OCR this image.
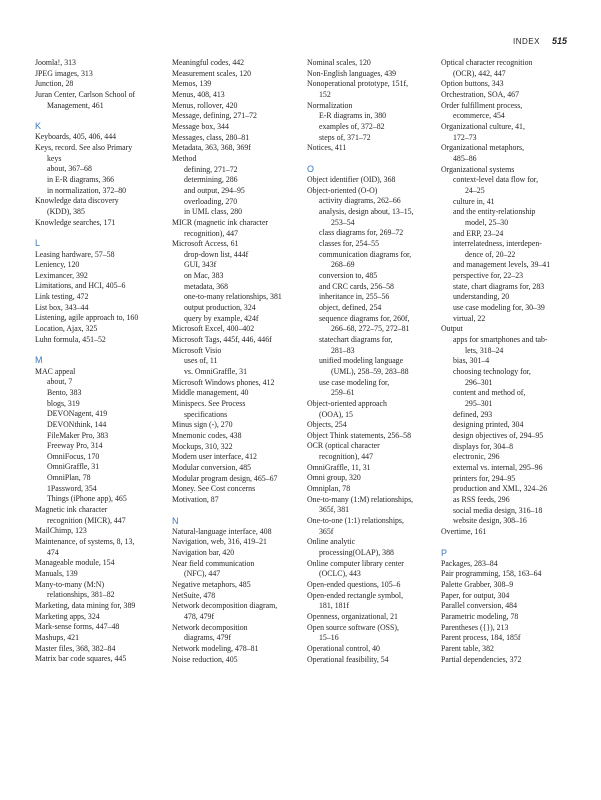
INDEX 515
Joomla!, 313
JPEG images, 313
Junction, 28
Juran Center, Carlson School of
Management, 461
K
Keyboards, 405, 406, 444
Keys, record. See also Primary
keys
about, 367–68
in E-R diagrams, 366
in normalization, 372–80
Knowledge data discovery
(KDD), 385
Knowledge searches, 171
L
Leasing hardware, 57–58
Leniency, 120
Leximancer, 392
Limitations, and HCI, 405–6
Link testing, 472
List box, 343–44
Listening, agile approach to, 160
Location, Ajax, 325
Luhn formula, 451–52
M
MAC appeal
about, 7
Bento, 383
blogs, 319
DEVONagent, 419
DEVONthink, 144
FileMaker Pro, 383
Freeway Pro, 314
OmniFocus, 170
OmniGraffle, 31
OmniPlan, 78
1Password, 354
Things (iPhone app), 465
Magnetic ink character
recognition (MICR), 447
MailChimp, 123
Maintenance, of systems, 8, 13,
474
Manageable module, 154
Manuals, 139
Many-to-many (M:N)
relationships, 381–82
Marketing, data mining for, 389
Marketing apps, 324
Mark-sense forms, 447–48
Mashups, 421
Master files, 368, 382–84
Matrix bar code squares, 445
Meaningful codes, 442
Measurement scales, 120
Memos, 139
Menus, 408, 413
Menus, rollover, 420
Message, defining, 271–72
Message box, 344
Messages, class, 280–81
Metadata, 363, 368, 369f
Method
defining, 271–72
determining, 286
and output, 294–95
overloading, 270
in UML class, 280
MICR (magnetic ink character
recognition), 447
Microsoft Access, 61
drop-down list, 444f
GUI, 343f
on Mac, 383
metadata, 368
one-to-many relationships, 381
output production, 324
query by example, 424f
Microsoft Excel, 400–402
Microsoft Tags, 445f, 446, 446f
Microsoft Visio
uses of, 11
vs. OmniGraffle, 31
Microsoft Windows phones, 412
Middle management, 40
Minispecs. See Process
specifications
Minus sign (-), 270
Mnemonic codes, 438
Mockups, 310, 322
Modern user interface, 412
Modular conversion, 485
Modular program design, 465–67
Money. See Cost concerns
Motivation, 87
N
Natural-language interface, 408
Navigation, web, 316, 419–21
Navigation bar, 420
Near field communication
(NFC), 447
Negative metaphors, 485
NetSuite, 478
Network decomposition diagram,
478, 479f
Network decomposition
diagrams, 479f
Network modeling, 478–81
Noise reduction, 405
Nominal scales, 120
Non-English languages, 439
Nonoperational prototype, 151f,
152
Normalization
E-R diagrams in, 380
examples of, 372–82
steps of, 371–72
Notices, 411
O
Object identifier (OID), 368
Object-oriented (O-O)
activity diagrams, 262–66
analysis, design about, 13–15,
253–54
class diagrams for, 269–72
classes for, 254–55
communication diagrams for,
268–69
conversion to, 485
and CRC cards, 256–58
inheritance in, 255–56
object, defined, 254
sequence diagrams for, 260f,
266–68, 272–75, 272–81
statechart diagrams for,
281–83
unified modeling language
(UML), 258–59, 283–88
use case modeling for,
259–61
Object-oriented approach
(OOA), 15
Objects, 254
Object Think statements, 256–58
OCR (optical character
recognition), 447
OmniGraffle, 11, 31
Omni group, 320
Omniplan, 78
One-to-many (1:M) relationships,
365f, 381
One-to-one (1:1) relationships,
365f
Online analytic
processing(OLAP), 388
Online computer library center
(OCLC), 443
Open-ended questions, 105–6
Open-ended rectangle symbol,
181, 181f
Openness, organizational, 21
Open source software (OSS),
15–16
Operational control, 40
Operational feasibility, 54
Optical character recognition
(OCR), 442, 447
Option buttons, 343
Orchestration, SOA, 467
Order fulfillment process,
ecommerce, 454
Organizational culture, 41,
172–73
Organizational metaphors,
485–86
Organizational systems
context-level data flow for,
24–25
culture in, 41
and the entity-relationship
model, 25–30
and ERP, 23–24
interrelatedness, interdepen-
dence of, 20–22
and management levels, 39–41
perspective for, 22–23
state, chart diagrams for, 283
understanding, 20
use case modeling for, 30–39
virtual, 22
Output
apps for smartphones and tab-
lets, 318–24
bias, 301–4
choosing technology for,
296–301
content and method of,
295–301
defined, 293
designing printed, 304
design objectives of, 294–95
displays for, 304–8
electronic, 296
external vs. internal, 295–96
printers for, 294–95
production and XML, 324–26
as RSS feeds, 296
social media design, 316–18
website design, 308–16
Overtime, 161
P
Packages, 283–84
Pair programming, 158, 163–64
Palette Grabber, 308–9
Paper, for output, 304
Parallel conversion, 484
Parametric modeling, 78
Parentheses ({}), 213
Parent process, 184, 185f
Parent table, 382
Partial dependencies, 372
